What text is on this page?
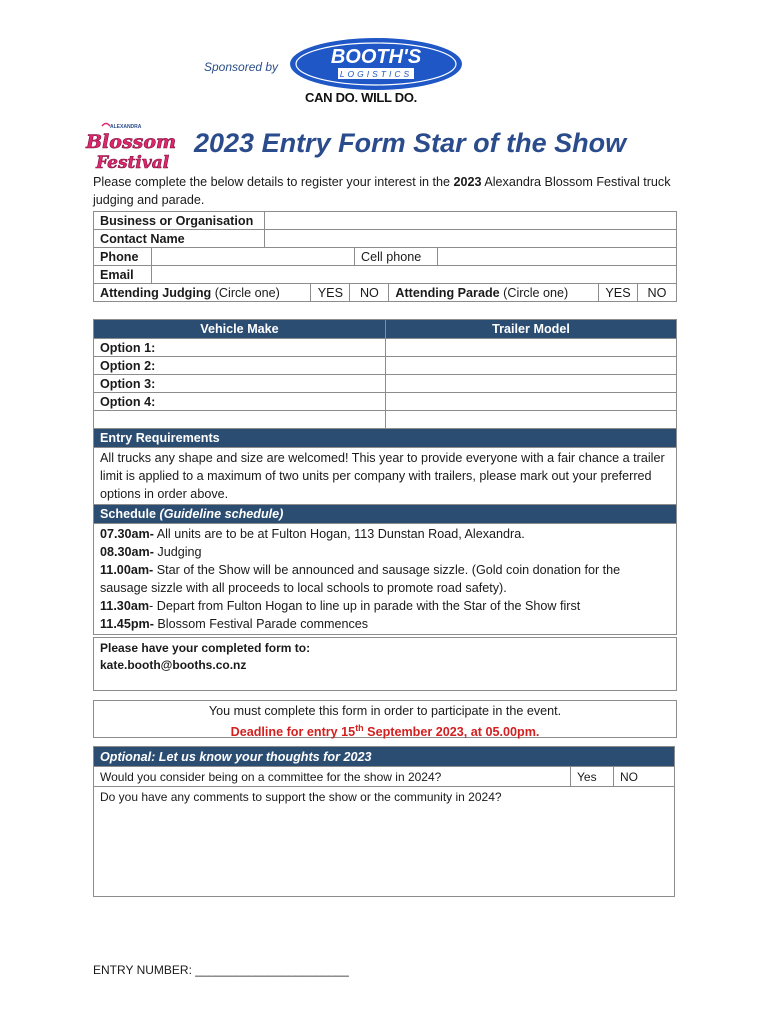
Sponsored by	BOOTH'S
LOGISTICS
CAN DO. WILL DO.
ALEXANDRA
Blossom
Festival
2023 Entry Form Star of the Show
Please complete the below details to register your interest in the 2023 Alexandra Blossom Festival truck judging and parade.
Business or Organisation	
Contact Name	

Phone		Cell phone	

Email	

Attending Judging (Circle one)	YES	NO	Attending Parade (Circle one)	YES	NO
Vehicle Make	Trailer Model
Option 1:	
Option 2:	
Option 3:	
Option 4:	

Entry Requirements
All trucks any shape and size are welcomed! This year to provide everyone with a fair chance a trailer limit is applied to a maximum of two units per company with trailers, please mark out your preferred options in order above.
Schedule (Guideline schedule)

07.30am- All units are to be at Fulton Hogan, 113 Dunstan Road, Alexandra.
08.30am- Judging
11.00am- Star of the Show will be announced and sausage sizzle. (Gold coin donation for the sausage sizzle with all proceeds to local schools to promote road safety).
11.30am- Depart from Fulton Hogan to line up in parade with the Star of the Show first
11.45pm- Blossom Festival Parade commences
Please have your completed form to:
kate.booth@booths.co.nz
You must complete this form in order to participate in the event.
Deadline for entry 15th September 2023, at 05.00pm.
Optional: Let us know your thoughts for 2023
Would you consider being on a committee for the show in 2024?	Yes	NO
Do you have any comments to support the show or the community in 2024?
ENTRY NUMBER: _______________________
